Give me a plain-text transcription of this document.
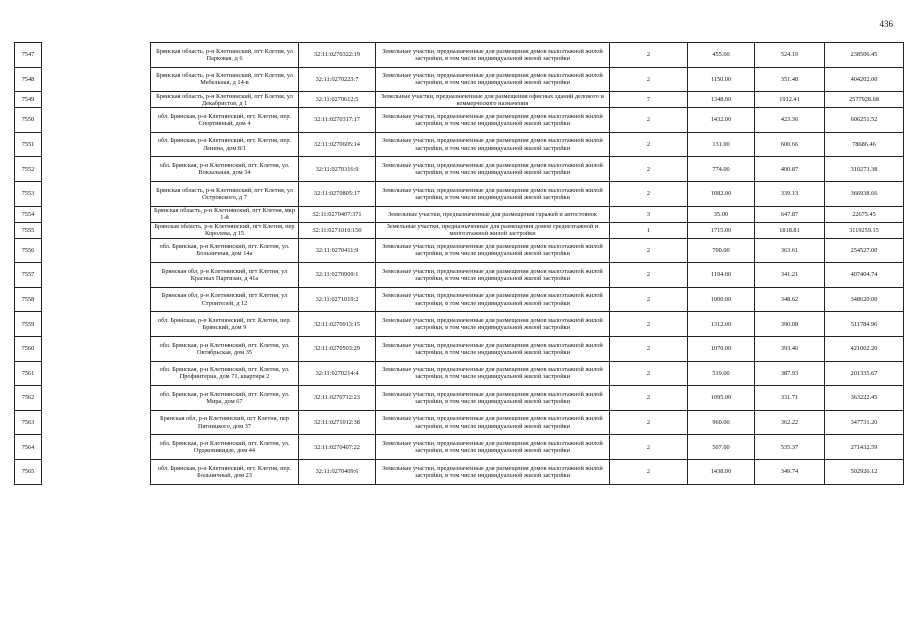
436
7547		Брянская область, р-н Клетнянский, пгт Клетня, ул Парковая, д 6	32:11:0270322:19	Земельные участки, предназначенные для размещения домов малоэтажной жилой застройки, в том числе индивидуальной жилой застройки	2	455.00	524.19	238506.45
7548		Брянская область, р-н Клетнянский, пгт Клетня, ул Мебельная, д 14-в	32:11:0270223:7	Земельные участки, предназначенные для размещения домов малоэтажной жилой застройки, в том числе индивидуальной жилой застройки	2	1150.00	351.48	404202.00
7549		Брянская область, р-н Клетнянский, пгт Клетня, ул Декабристов, д 1	32:11:0270612:5	Земельные участки, предназначенные для размещения офисных зданий делового и коммерческого назначения	7	1348.00	1912.41	2577928.68
7550		обл. Брянская, р-н Клетнянский, пгт. Клетня, пер. Спортивный, дом 4	32:11:0270317:17	Земельные участки, предназначенные для размещения домов малоэтажной жилой застройки, в том числе индивидуальной жилой застройки	2	1432.00	423.36	606251.52
7551		обл. Брянская, р-н Клетнянский, пгт. Клетня, пер. Ленина, дом 8/1	32:11:0270605:14	Земельные участки, предназначенные для размещения домов малоэтажной жилой застройки, в том числе индивидуальной жилой застройки	2	131.00	600.66	78686.46
7552		обл. Брянская, р-н Клетнянский, пгт. Клетня, ул. Вокзальная, дом 34	32:11:0270316:9	Земельные участки, предназначенные для размещения домов малоэтажной жилой застройки, в том числе индивидуальной жилой застройки	2	774.00	400.87	310273.38
7553		Брянская область, р-н Клетнянский, пгт Клетня, ул Островского, д 7	32:11:0270805:17	Земельные участки, предназначенные для размещения домов малоэтажной жилой застройки, в том числе индивидуальной жилой застройки	2	1082.00	339.13	366938.66
7554		Брянская область, р-н Клетнянский, пгт Клетня, мкр 1-й	32:11:0270407:371	Земельные участки, предназначенные для размещения гаражей и автостоянок	3	35.00	647.87	22675.45
7555		Брянская область, р-н Клетнянский, пгт Клетня, пер Королева, д 15	32:11:0271010:150	Земельные участки, предназначенные для размещения домов среднеэтажной и многоэтажной жилой застройки	1	1715.00	1818.81	3119259.15
7556		обл. Брянская, р-н Клетнянский, пгт. Клетня, ул. Больничная, дом 14а	32:11:0270411:9	Земельные участки, предназначенные для размещения домов малоэтажной жилой застройки, в том числе индивидуальной жилой застройки	2	700.00	363.61	254527.00
7557		Брянская обл, р-н Клетнянский, пгт Клетня, ул Красных Партизан, д 41а	32:11:0270909:1	Земельные участки, предназначенные для размещения домов малоэтажной жилой застройки, в том числе индивидуальной жилой застройки	2	1194.00	341.21	407404.74
7558		Брянская обл, р-н Клетнянский, пгт Клетня, ул Строителей, д 12	32:11:0271019:2	Земельные участки, предназначенные для размещения домов малоэтажной жилой застройки, в том числе индивидуальной жилой застройки	2	1000.00	348.62	348620.00
7559		обл. Брянская, р-н Клетнянский, пгт. Клетня, пер. Брянский, дом 9	32:11:0270913:15	Земельные участки, предназначенные для размещения домов малоэтажной жилой застройки, в том числе индивидуальной жилой застройки	2	1312.00	390.08	511784.96
7560		обл. Брянская, р-н Клетнянский, пгт. Клетня, ул. Октябрьская, дом 35	32:11:0270503:29	Земельные участки, предназначенные для размещения домов малоэтажной жилой застройки, в том числе индивидуальной жилой застройки	2	1070.00	393.46	421002.20
7561		обл. Брянская, р-н Клетнянский, пгт. Клетня, ул. Профинтерна, дом 71, квартира 2	32:11:0270214:4	Земельные участки, предназначенные для размещения домов малоэтажной жилой застройки, в том числе индивидуальной жилой застройки	2	519.00	387.93	201335.67
7562		обл. Брянская, р-н Клетнянский, пгт. Клетня, ул. Мира, дом 67	32:11:0270712:23	Земельные участки, предназначенные для размещения домов малоэтажной жилой застройки, в том числе индивидуальной жилой застройки	2	1095.00	331.71	363222.45
7563		Брянская обл, р-н Клетнянский, пгт Клетня, пер Пятницкого, дом 37	32:11:0271012:38	Земельные участки, предназначенные для размещения домов малоэтажной жилой застройки, в том числе индивидуальной жилой застройки	2	960.00	362.22	347731.20
7564		обл. Брянская, р-н Клетнянский, пгт. Клетня, ул. Орджоникидзе, дом 44	32:11:0270407:22	Земельные участки, предназначенные для размещения домов малоэтажной жилой застройки, в том числе индивидуальной жилой застройки	2	507.00	535.37	271432.59
7565		обл. Брянская, р-н Клетнянский, пгт. Клетня, пер. Больничный, дом 23	32:11:0270409:6	Земельные участки, предназначенные для размещения домов малоэтажной жилой застройки, в том числе индивидуальной жилой застройки	2	1438.00	349.74	502926.12
